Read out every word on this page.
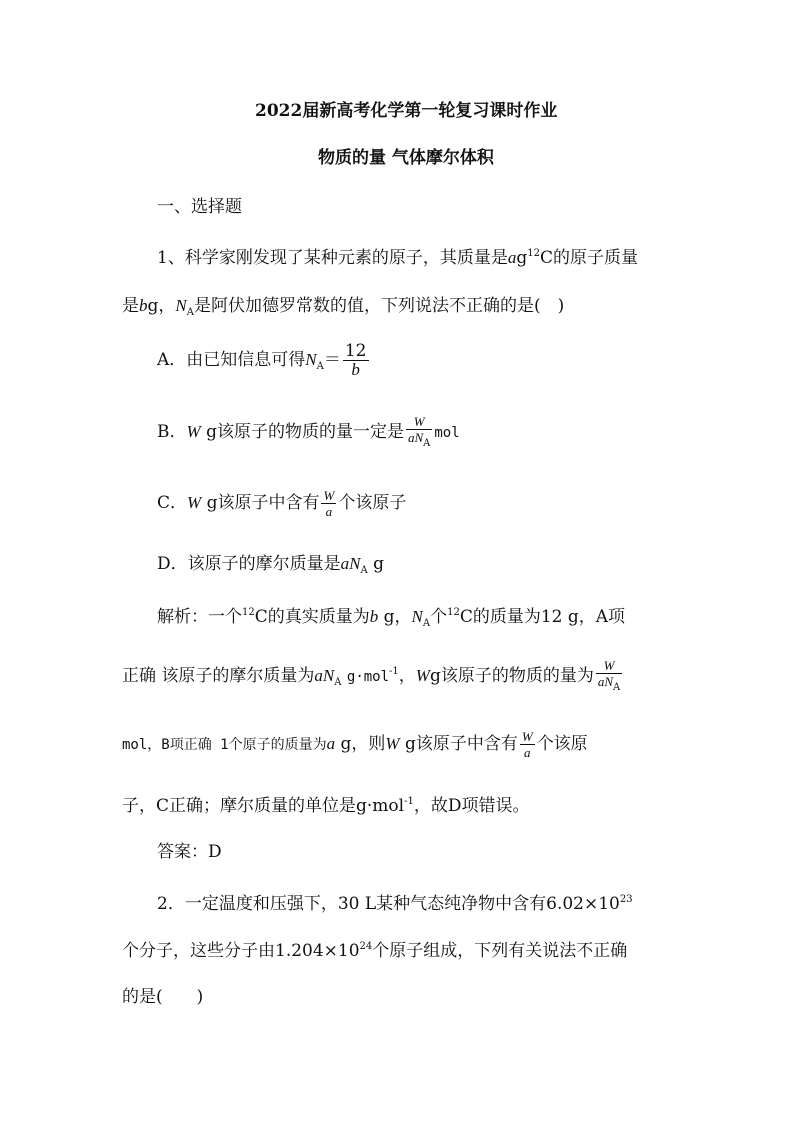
2022届新高考化学第一轮复习课时作业
物质的量 气体摩尔体积
一、选择题
1、科学家刚发现了某种元素的原子，其质量是$ag^{12}C$的原子质量
是bg，$N_A$是阿伏加德罗常数的值，下列说法不正确的是(　)
A．由已知信息可得$N_A= \frac{12}{b}$
B．W g该原子的物质的量一定是 $\frac{W}{aN_A}$ mol
C．W g该原子中含有 $\frac{W}{a}$ 个该原子
D．该原子的摩尔质量是$aN_A$ g
解析：一个$^{12}$C的真实质量为b g，$N_A$个$^{12}$C的质量为12 g，A项
正确 该原子的摩尔质量为$aN_A$ g·mol$^{-1}$，Wg该原子的物质的量为 $\frac{W}{aN_A}$
mol，B项正确 1个原子的质量为a g，则W g该原子中含有 $\frac{W}{a}$ 个该原
子，C正确；摩尔质量的单位是g·mol$^{-1}$，故D项错误。
答案：D
2．一定温度和压强下，30 L某种气态纯净物中含有$6.02\times 10^{23}$
个分子，这些分子由$1.204\times 10^{24}$个原子组成，下列有关说法不正确
的是(　　)
